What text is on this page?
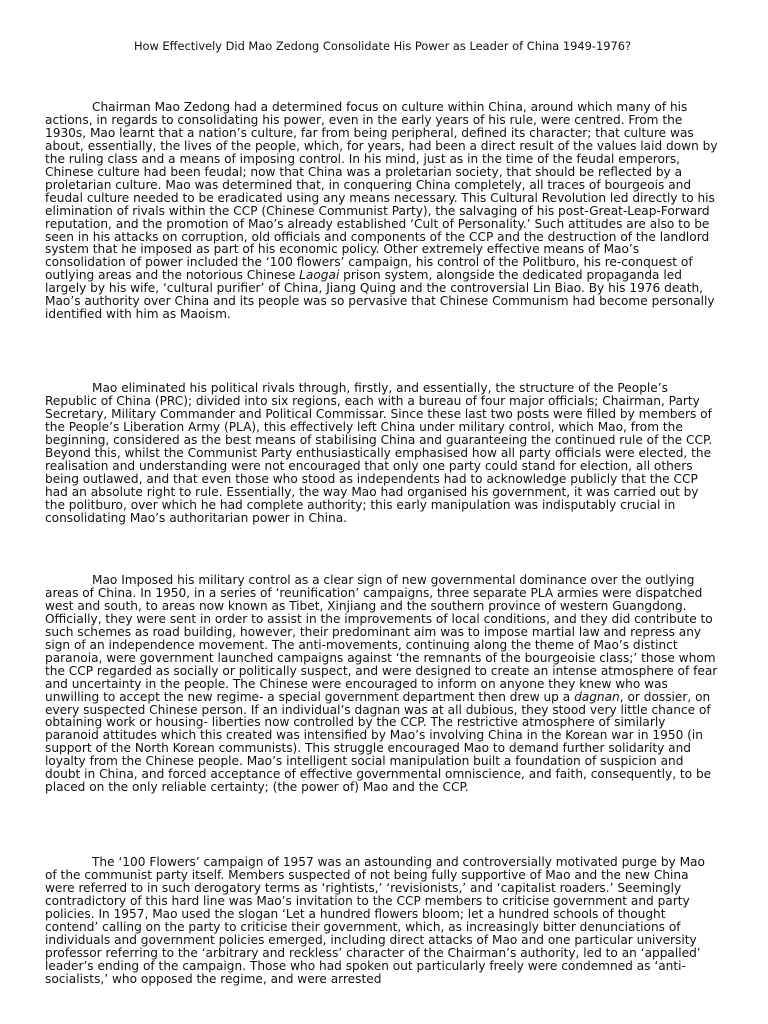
How Effectively Did Mao Zedong Consolidate His Power as Leader of China 1949-1976?

Chairman Mao Zedong had a determined focus on culture within China, around which many of his actions, in regards to consolidating his power, even in the early years of his rule, were centred. From the 1930s, Mao learnt that a nation’s culture, far from being peripheral, defined its character; that culture was about, essentially, the lives of the people, which, for years, had been a direct result of the values laid down by the ruling class and a means of imposing control. In his mind, just as in the time of the feudal emperors, Chinese culture had been feudal; now that China was a proletarian society, that should be reflected by a proletarian culture. Mao was determined that, in conquering China completely, all traces of bourgeois and feudal culture needed to be eradicated using any means necessary. This Cultural Revolution led directly to his elimination of rivals within the CCP (Chinese Communist Party), the salvaging of his post-Great-Leap-Forward reputation, and the promotion of Mao’s already established ‘Cult of Personality.’ Such attitudes are also to be seen in his attacks on corruption, old officials and components of the CCP and the destruction of the landlord system that he imposed as part of his economic policy. Other extremely effective means of Mao’s consolidation of power included the ‘100 flowers’ campaign, his control of the Politburo, his re-conquest of outlying areas and the notorious Chinese Laogai prison system, alongside the dedicated propaganda led largely by his wife, ‘cultural purifier’ of China, Jiang Quing and the controversial Lin Biao. By his 1976 death, Mao’s authority over China and its people was so pervasive that Chinese Communism had become personally identified with him as Maoism.

Mao eliminated his political rivals through, firstly, and essentially, the structure of the People’s Republic of China (PRC); divided into six regions, each with a bureau of four major officials; Chairman, Party Secretary, Military Commander and Political Commissar. Since these last two posts were filled by members of the People’s Liberation Army (PLA), this effectively left China under military control, which Mao, from the beginning, considered as the best means of stabilising China and guaranteeing the continued rule of the CCP. Beyond this, whilst the Communist Party enthusiastically emphasised how all party officials were elected, the realisation and understanding were not encouraged that only one party could stand for election, all others being outlawed, and that even those who stood as independents had to acknowledge publicly that the CCP had an absolute right to rule. Essentially, the way Mao had organised his government, it was carried out by the politburo, over which he had complete authority; this early manipulation was indisputably crucial in consolidating Mao’s authoritarian power in China.

Mao Imposed his military control as a clear sign of new governmental dominance over the outlying areas of China. In 1950, in a series of ‘reunification’ campaigns, three separate PLA armies were dispatched west and south, to areas now known as Tibet, Xinjiang and the southern province of western Guangdong. Officially, they were sent in order to assist in the improvements of local conditions, and they did contribute to such schemes as road building, however, their predominant aim was to impose martial law and repress any sign of an independence movement. The anti-movements, continuing along the theme of Mao’s distinct paranoia, were government launched campaigns against ‘the remnants of the bourgeoisie class;’ those whom the CCP regarded as socially or politically suspect, and were designed to create an intense atmosphere of fear and uncertainty in the people. The Chinese were encouraged to inform on anyone they knew who was unwilling to accept the new regime- a special government department then drew up a dagnan, or dossier, on every suspected Chinese person. If an individual’s dagnan was at all dubious, they stood very little chance of obtaining work or housing- liberties now controlled by the CCP. The restrictive atmosphere of similarly paranoid attitudes which this created was intensified by Mao’s involving China in the Korean war in 1950 (in support of the North Korean communists). This struggle encouraged Mao to demand further solidarity and loyalty from the Chinese people. Mao’s intelligent social manipulation built a foundation of suspicion and doubt in China, and forced acceptance of effective governmental omniscience, and faith, consequently, to be placed on the only reliable certainty; (the power of) Mao and the CCP.

The ‘100 Flowers’ campaign of 1957 was an astounding and controversially motivated purge by Mao of the communist party itself. Members suspected of not being fully supportive of Mao and the new China were referred to in such derogatory terms as ‘rightists,’ ‘revisionists,’ and ‘capitalist roaders.’ Seemingly contradictory of this hard line was Mao’s invitation to the CCP members to criticise government and party policies. In 1957, Mao used the slogan ‘Let a hundred flowers bloom; let a hundred schools of thought contend’ calling on the party to criticise their government, which, as increasingly bitter denunciations of individuals and government policies emerged, including direct attacks of Mao and one particular university professor referring to the ‘arbitrary and reckless’ character of the Chairman’s authority, led to an ‘appalled’ leader’s ending of the campaign. Those who had spoken out particularly freely were condemned as ‘anti-socialists,’ who opposed the regime, and were arrested
